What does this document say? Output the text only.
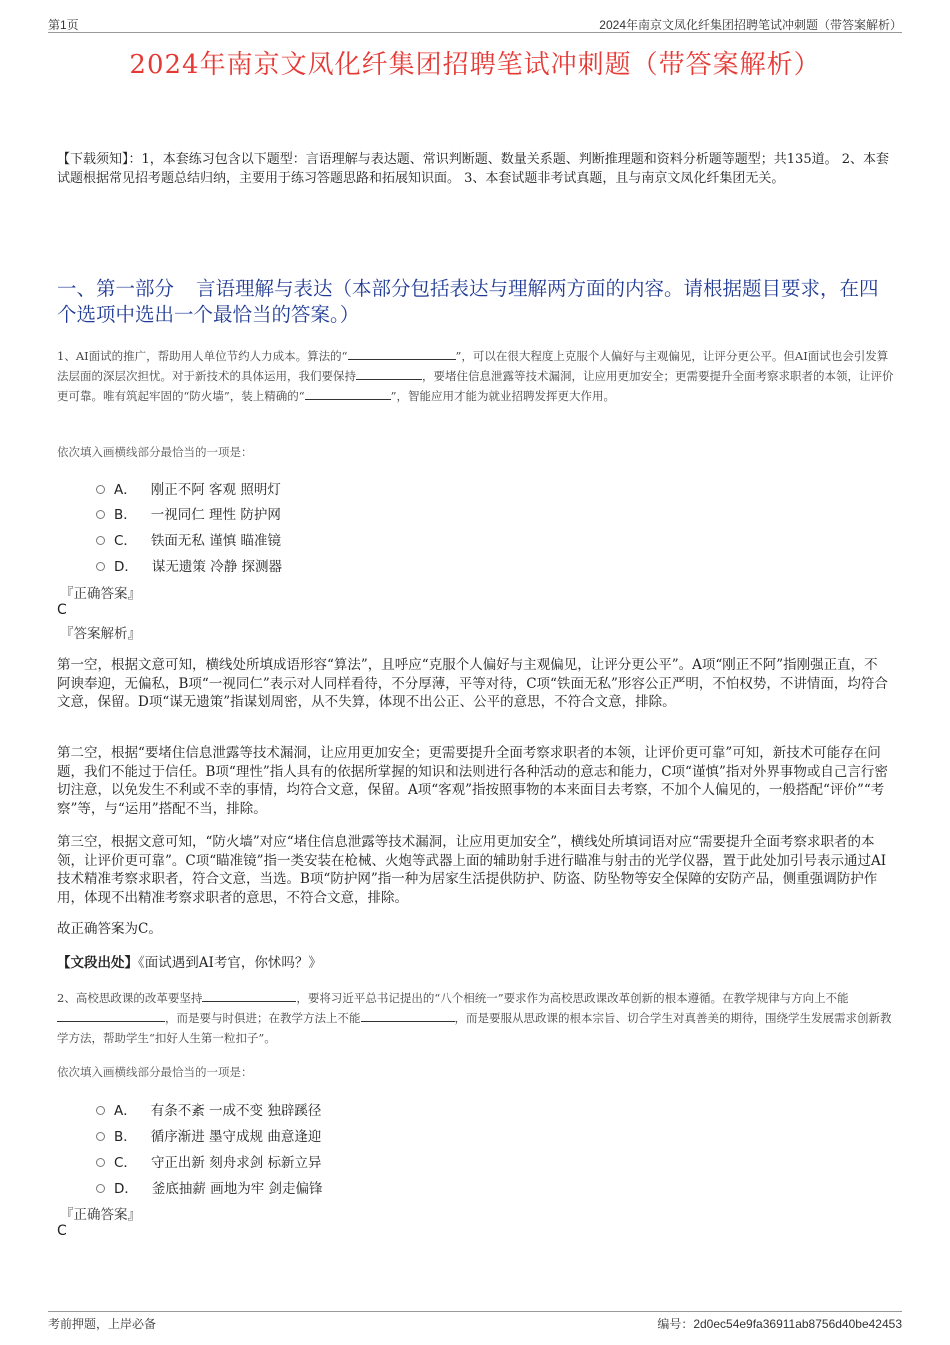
第1页	2024年南京文凤化纤集团招聘笔试冲刺题（带答案解析）
2024年南京文凤化纤集团招聘笔试冲刺题（带答案解析）
【下载须知】：1，本套练习包含以下题型：言语理解与表达题、常识判断题、数量关系题、判断推理题和资料分析题等题型；共135道。 2、本套试题根据常见招考题总结归纳，主要用于练习答题思路和拓展知识面。 3、本套试题非考试真题，且与南京文凤化纤集团无关。
一、第一部分 言语理解与表达（本部分包括表达与理解两方面的内容。请根据题目要求，在四个选项中选出一个最恰当的答案。）
1、AI面试的推广，帮助用人单位节约人力成本。算法的“	”，可以在很大程度上克服个人偏好与主观偏见，让评分更公平。但AI面试也会引发算法层面的深层次担忧。对于新技术的具体运用，我们要保持	，要堵住信息泄露等技术漏洞，让应用更加安全；更需要提升全面考察求职者的本领，让评价更可靠。唯有筑起牢固的“防火墙”，装上精确的“	”，智能应用才能为就业招聘发挥更大作用。
依次填入画横线部分最恰当的一项是：
A． 刚正不阿 客观 照明灯
B． 一视同仁 理性 防护网
C． 铁面无私 谨慎 瞄准镜
D． 谋无遗策 冷静 探测器
『正确答案』
C
『答案解析』
第一空，根据文意可知，横线处所填成语形容“算法”，且呼应“克服个人偏好与主观偏见，让评分更公平”。A项“刚正不阿”指刚强正直，不阿谀奉迎，无偏私，B项“一视同仁”表示对人同样看待，不分厚薄，平等对待，C项“铁面无私”形容公正严明，不怕权势，不讲情面，均符合文意，保留。D项“谋无遗策”指谋划周密，从不失算，体现不出公正、公平的意思，不符合文意，排除。
第二空，根据“要堵住信息泄露等技术漏洞，让应用更加安全；更需要提升全面考察求职者的本领，让评价更可靠”可知，新技术可能存在问题，我们不能过于信任。B项“理性”指人具有的依据所掌握的知识和法则进行各种活动的意志和能力，C项“谨慎”指对外界事物或自己言行密切注意，以免发生不利或不幸的事情，均符合文意，保留。A项“客观”指按照事物的本来面目去考察，不加个人偏见的，一般搭配“评价”“考察”等，与“运用”搭配不当，排除。
第三空，根据文意可知，“防火墙”对应“堵住信息泄露等技术漏洞，让应用更加安全”，横线处所填词语对应“需要提升全面考察求职者的本领，让评价更可靠”。C项“瞄准镜”指一类安装在枪械、火炮等武器上面的辅助射手进行瞄准与射击的光学仪器，置于此处加引号表示通过AI技术精准考察求职者，符合文意，当选。B项“防护网”指一种为居家生活提供防护、防盗、防坠物等安全保障的安防产品，侧重强调防护作用，体现不出精准考察求职者的意思，不符合文意，排除。
故正确答案为C。
【文段出处】《面试遇到AI考官，你怵吗？》
2、高校思政课的改革要坚持	，要将习近平总书记提出的“八个相统一”要求作为高校思政课改革创新的根本遵循。在教学规律与方向上不能，而是要与时俱进；在教学方法上不能	，而是要服从思政课的根本宗旨、切合学生对真善美的期待，围绕学生发展需求创新教学方法，帮助学生“扣好人生第一粒扣子”。
依次填入画横线部分最恰当的一项是：
A． 有条不紊 一成不变 独辟蹊径
B． 循序渐进 墨守成规 曲意逢迎
C． 守正出新 刻舟求剑 标新立异
D． 釜底抽薪 画地为牢 剑走偏锋
『正确答案』
C
考前押题，上岸必备	编号：2d0ec54e9fa36911ab8756d40be42453
